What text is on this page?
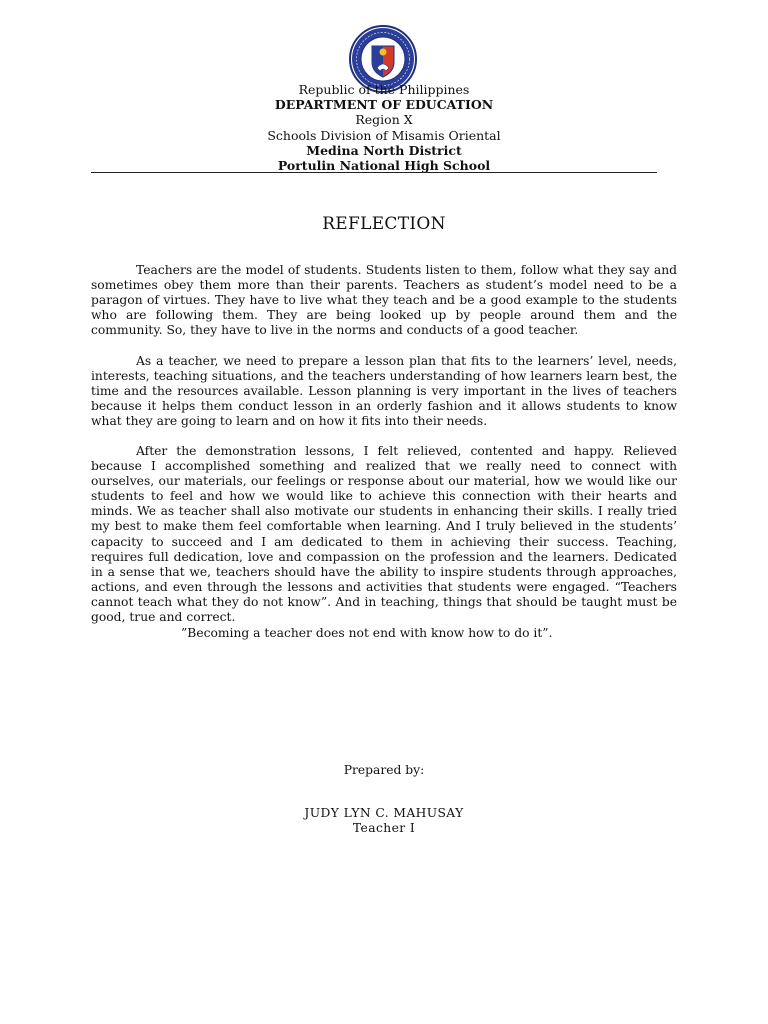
Republic of the Philippines
DEPARTMENT OF EDUCATION
Region X
Schools Division of Misamis Oriental
Medina North District
Portulin National High School
REFLECTION

Teachers are the model of students. Students listen to them, follow what they say and sometimes obey them more than their parents. Teachers as student’s model need to be a paragon of virtues. They have to live what they teach and be a good example to the students who are following them. They are being looked up by people around them and the community. So, they have to live in the norms and conducts of a good teacher.

As a teacher, we need to prepare a lesson plan that fits to the learners’ level, needs, interests, teaching situations, and the teachers understanding of how learners learn best, the time and the resources available. Lesson planning is very important in the lives of teachers because it helps them conduct lesson in an orderly fashion and it allows students to know what they are going to learn and on how it fits into their needs.

After the demonstration lessons, I felt relieved, contented and happy. Relieved because I accomplished something and realized that we really need to connect with ourselves, our materials, our feelings or response about our material, how we would like our students to feel and how we would like to achieve this connection with their hearts and minds. We as teacher shall also motivate our students in enhancing their skills. I really tried my best to make them feel comfortable when learning. And I truly believed in the students’ capacity to succeed and I am dedicated to them in achieving their success. Teaching, requires full dedication, love and compassion on the profession and the learners. Dedicated in a sense that we, teachers should have the ability to inspire students through approaches, actions, and even through the lessons and activities that students were engaged. “Teachers cannot teach what they do not know”. And in teaching, things that should be taught must be good, true and correct.

”Becoming a teacher does not end with know how to do it”.
Prepared by:
JUDY LYN C. MAHUSAY
Teacher I
